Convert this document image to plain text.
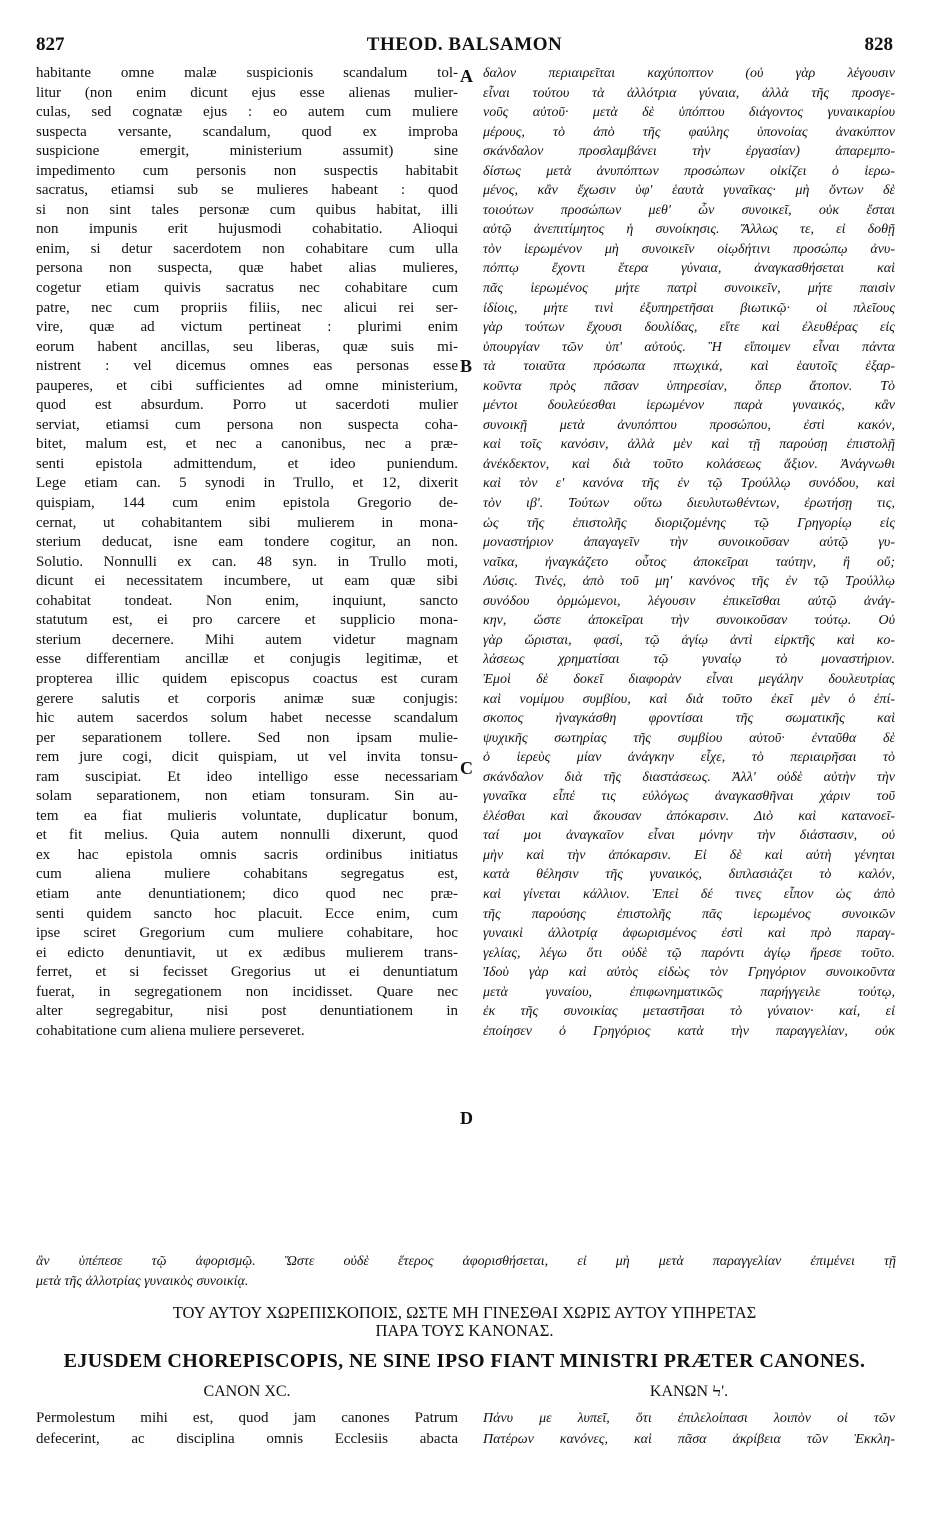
827	THEOD. BALSAMON	828
habitante omne malæ suspicionis scandalum tol-
litur (non enim dicunt ejus esse alienas mulier-
culas, sed cognatæ ejus : eo autem cum muliere
suspecta versante, scandalum, quod ex improba
suspicione emergit, ministerium assumit) sine
impedimento cum personis non suspectis habitabit
sacratus, etiamsi sub se mulieres habeant : quod
si non sint tales personæ cum quibus habitat, illi
non impunis erit hujusmodi cohabitatio. Alioqui
enim, si detur sacerdotem non cohabitare cum ulla
persona non suspecta, quæ habet alias mulieres,
cogetur etiam quivis sacratus nec cohabitare cum
patre, nec cum propriis filiis, nec alicui rei ser-
vire, quæ ad victum pertineat : plurimi enim
eorum habent ancillas, seu liberas, quæ suis mi-
nistrent : vel dicemus omnes eas personas esse
pauperes, et cibi sufficientes ad omne ministerium,
quod est absurdum. Porro ut sacerdoti mulier
serviat, etiamsi cum persona non suspecta coha-
bitet, malum est, et nec a canonibus, nec a præ-
senti epistola admittendum, et ideo puniendum.
Lege etiam can. 5 synodi in Trullo, et 12, dixerit
quispiam, 144 cum enim epistola Gregorio de-
cernat, ut cohabitantem sibi mulierem in mona-
sterium deducat, isne eam tondere cogitur, an non.
Solutio. Nonnulli ex can. 48 syn. in Trullo moti,
dicunt ei necessitatem incumbere, ut eam quæ sibi
cohabitat tondeat. Non enim, inquiunt, sancto
statutum est, ei pro carcere et supplicio mona-
sterium decernere. Mihi autem videtur magnam
esse differentiam ancillæ et conjugis legitimæ, et
propterea illic quidem episcopus coactus est curam
gerere salutis et corporis animæ suæ conjugis:
hic autem sacerdos solum habet necesse scandalum
per separationem tollere. Sed non ipsam mulie-
rem jure cogi, dicit quispiam, ut vel invita tonsu-
ram suscipiat. Et ideo intelligo esse necessariam
solam separationem, non etiam tonsuram. Sin au-
tem ea fiat mulieris voluntate, duplicatur bonum,
et fit melius. Quia autem nonnulli dixerunt, quod
ex hac epistola omnis sacris ordinibus initiatus
cum aliena muliere cohabitans segregatus est,
etiam ante denuntiationem; dico quod nec præ-
senti quidem sancto hoc placuit. Ecce enim, cum
ipse sciret Gregorium cum muliere cohabitare, hoc
ei edicto denuntiavit, ut ex ædibus mulierem trans-
ferret, et si fecisset Gregorius ut ei denuntiatum
fuerat, in segregationem non incidisset. Quare nec
alter segregabitur, nisi post denuntiationem in
cohabitatione cum aliena muliere perseveret.
δαλον περιαιρεῖται καχύποπτον (οὐ γὰρ λέγουσιν
εἶναι τούτου τὰ ἀλλότρια γύναια, ἀλλὰ τῆς προσγε-
νοῦς αὐτοῦ· μετὰ δὲ ὑπόπτου διάγοντος γυναικαρίου
μέρους, τὸ ἀπὸ τῆς φαύλης ὑπονοίας ἀνακύπτον
σκάνδαλον προσλαμβάνει τὴν ἐργασίαν) ἀπαρεμπο-
δίστως μετὰ ἀνυπόπτων προσώπων οἰκίζει ὁ ἱερω-
μένος, κἂν ἔχωσιν ὑφ' ἑαυτὰ γυναῖκας· μὴ ὄντων δὲ
τοιούτων προσώπων μεθ' ὧν συνοικεῖ, οὐκ ἔσται
αὐτῷ ἀνεπιτίμητος ἡ συνοίκησις. Ἄλλως τε, εἰ δοθῇ
τὸν ἱερωμένον μὴ συνοικεῖν οἱῳδήτινι προσώπῳ ἀνυ-
πόπτῳ ἔχοντι ἕτερα γύναια, ἀναγκασθήσεται καὶ
πᾶς ἱερωμένος μήτε πατρὶ συνοικεῖν, μήτε παισὶν
ἰδίοις, μήτε τινὶ ἐξυπηρετῆσαι βιωτικῷ· οἱ πλεῖους
γὰρ τούτων ἔχουσι δουλίδας, εἴτε καὶ ἐλευθέρας εἰς
ὑπουργίαν τῶν ὑπ' αὐτούς. Ἢ εἴποιμεν εἶναι πάντα
τὰ τοιαῦτα πρόσωπα πτωχικά, καὶ ἑαυτοῖς ἐξαρ-
κοῦντα πρὸς πᾶσαν ὑπηρεσίαν, ὅπερ ἄτοπον. Τὸ
μέντοι δουλεύεσθαι ἱερωμένον παρὰ γυναικός, κἂν
συνοικῇ μετὰ ἀνυπόπτου προσώπου, ἐστὶ κακόν,
καὶ τοῖς κανόσιν, ἀλλὰ μὲν καὶ τῇ παρούσῃ ἐπιστολῇ
ἀνέκδεκτον, καὶ διὰ τοῦτο κολάσεως ἄξιον. Ἀνάγνωθι
καὶ τὸν ε' κανόνα τῆς ἐν τῷ Τρούλλῳ συνόδου, καὶ
τὸν ιβ'. Τούτων οὕτω διευλυτωθέντων, ἐρωτήσῃ τις,
ὡς τῆς ἐπιστολῆς διοριζομένης τῷ Γρηγορίῳ εἰς
μοναστήριον ἀπαγαγεῖν τὴν συνοικοῦσαν αὐτῷ γυ-
ναῖκα, ἠναγκάζετο οὗτος ἀποκεῖραι ταύτην, ἢ οὔ;
Λύσις. Τινές, ἀπὸ τοῦ μη' κανόνος τῆς ἐν τῷ Τρούλλῳ
συνόδου ὁρμώμενοι, λέγουσιν ἐπικεῖσθαι αὐτῷ ἀνάγ-
κην, ὥστε ἀποκεῖραι τὴν συνοικοῦσαν τούτῳ. Οὐ
γὰρ ὥρισται, φασί, τῷ ἁγίῳ ἀντὶ εἱρκτῆς καὶ κο-
λάσεως χρηματίσαι τῷ γυναίῳ τὸ μοναστήριον.
Ἐμοὶ δὲ δοκεῖ διαφορὰν εἶναι μεγάλην δουλευτρίας
καὶ νομίμου συμβίου, καὶ διὰ τοῦτο ἐκεῖ μὲν ὁ ἐπί-
σκοπος ἠναγκάσθη φροντίσαι τῆς σωματικῆς καὶ
ψυχικῆς σωτηρίας τῆς συμβίου αὐτοῦ· ἐνταῦθα δὲ
ὁ ἱερεὺς μίαν ἀνάγκην εἶχε, τὸ περιαιρῆσαι τὸ
σκάνδαλον διὰ τῆς διαστάσεως. Ἀλλ' οὐδὲ αὐτὴν τὴν
γυναῖκα εἶπέ τις εὐλόγως ἀναγκασθῆναι χάριν τοῦ
ἑλέσθαι καὶ ἄκουσαν ἀπόκαρσιν. Διὸ καὶ κατανοεῖ-
ταί μοι ἀναγκαῖον εἶναι μόνην τὴν διάστασιν, οὐ
μὴν καὶ τὴν ἀπόκαρσιν. Εἰ δὲ καὶ αὐτὴ γένηται
κατὰ θέλησιν τῆς γυναικός, διπλασιάζει τὸ καλόν,
καὶ γίνεται κάλλιον. Ἐπεὶ δέ τινες εἶπον ὡς ἀπὸ
τῆς παρούσης ἐπιστολῆς πᾶς ἱερωμένος συνοικῶν
γυναικὶ ἀλλοτρίᾳ ἀφωρισμένος ἐστὶ καὶ πρὸ παραγ-
γελίας, λέγω ὅτι οὐδὲ τῷ παρόντι ἁγίῳ ἤρεσε τοῦτο.
Ἰδοὺ γὰρ καὶ αὐτὸς εἰδὼς τὸν Γρηγόριον συνοικοῦντα
μετὰ γυναίου, ἐπιφωνηματικῶς παρήγγειλε τούτῳ,
ἐκ τῆς συνοικίας μεταστῆσαι τὸ γύναιον· καί, εἰ
ἐποίησεν ὁ Γρηγόριος κατὰ τὴν παραγγελίαν, οὐκ
A
B
C
D
ἂν ὑπέπεσε τῷ ἀφορισμῷ. Ὥστε οὐδὲ ἕτερος ἀφορισθήσεται, εἰ μὴ μετὰ παραγγελίαν ἐπιμένει τῇ
μετὰ τῆς ἀλλοτρίας γυναικὸς συνοικίᾳ.
ΤΟΥ ΑΥΤΟΥ ΧΩΡΕΠΙΣΚΟΠΟΙΣ, ΩΣΤΕ ΜΗ ΓΙΝΕΣΘΑΙ ΧΩΡΙΣ ΑΥΤΟΥ ΥΠΗΡΕΤΑΣ
ΠΑΡΑ ΤΟΥΣ ΚΑΝΟΝΑΣ.
EJUSDEM CHOREPISCOPIS, NE SINE IPSO FIANT MINISTRI PRÆTER CANONES.
CANON XC.	ΚΑΝΩΝ Ϟ'.
Permolestum mihi est, quod jam canones Patrum
defecerint, ac disciplina omnis Ecclesiis abacta
Πάνυ με λυπεῖ, ὅτι ἐπιλελοίπασι λοιπὸν οἱ τῶν
Πατέρων κανόνες, καὶ πᾶσα ἀκρίβεια τῶν Ἐκκλη-
